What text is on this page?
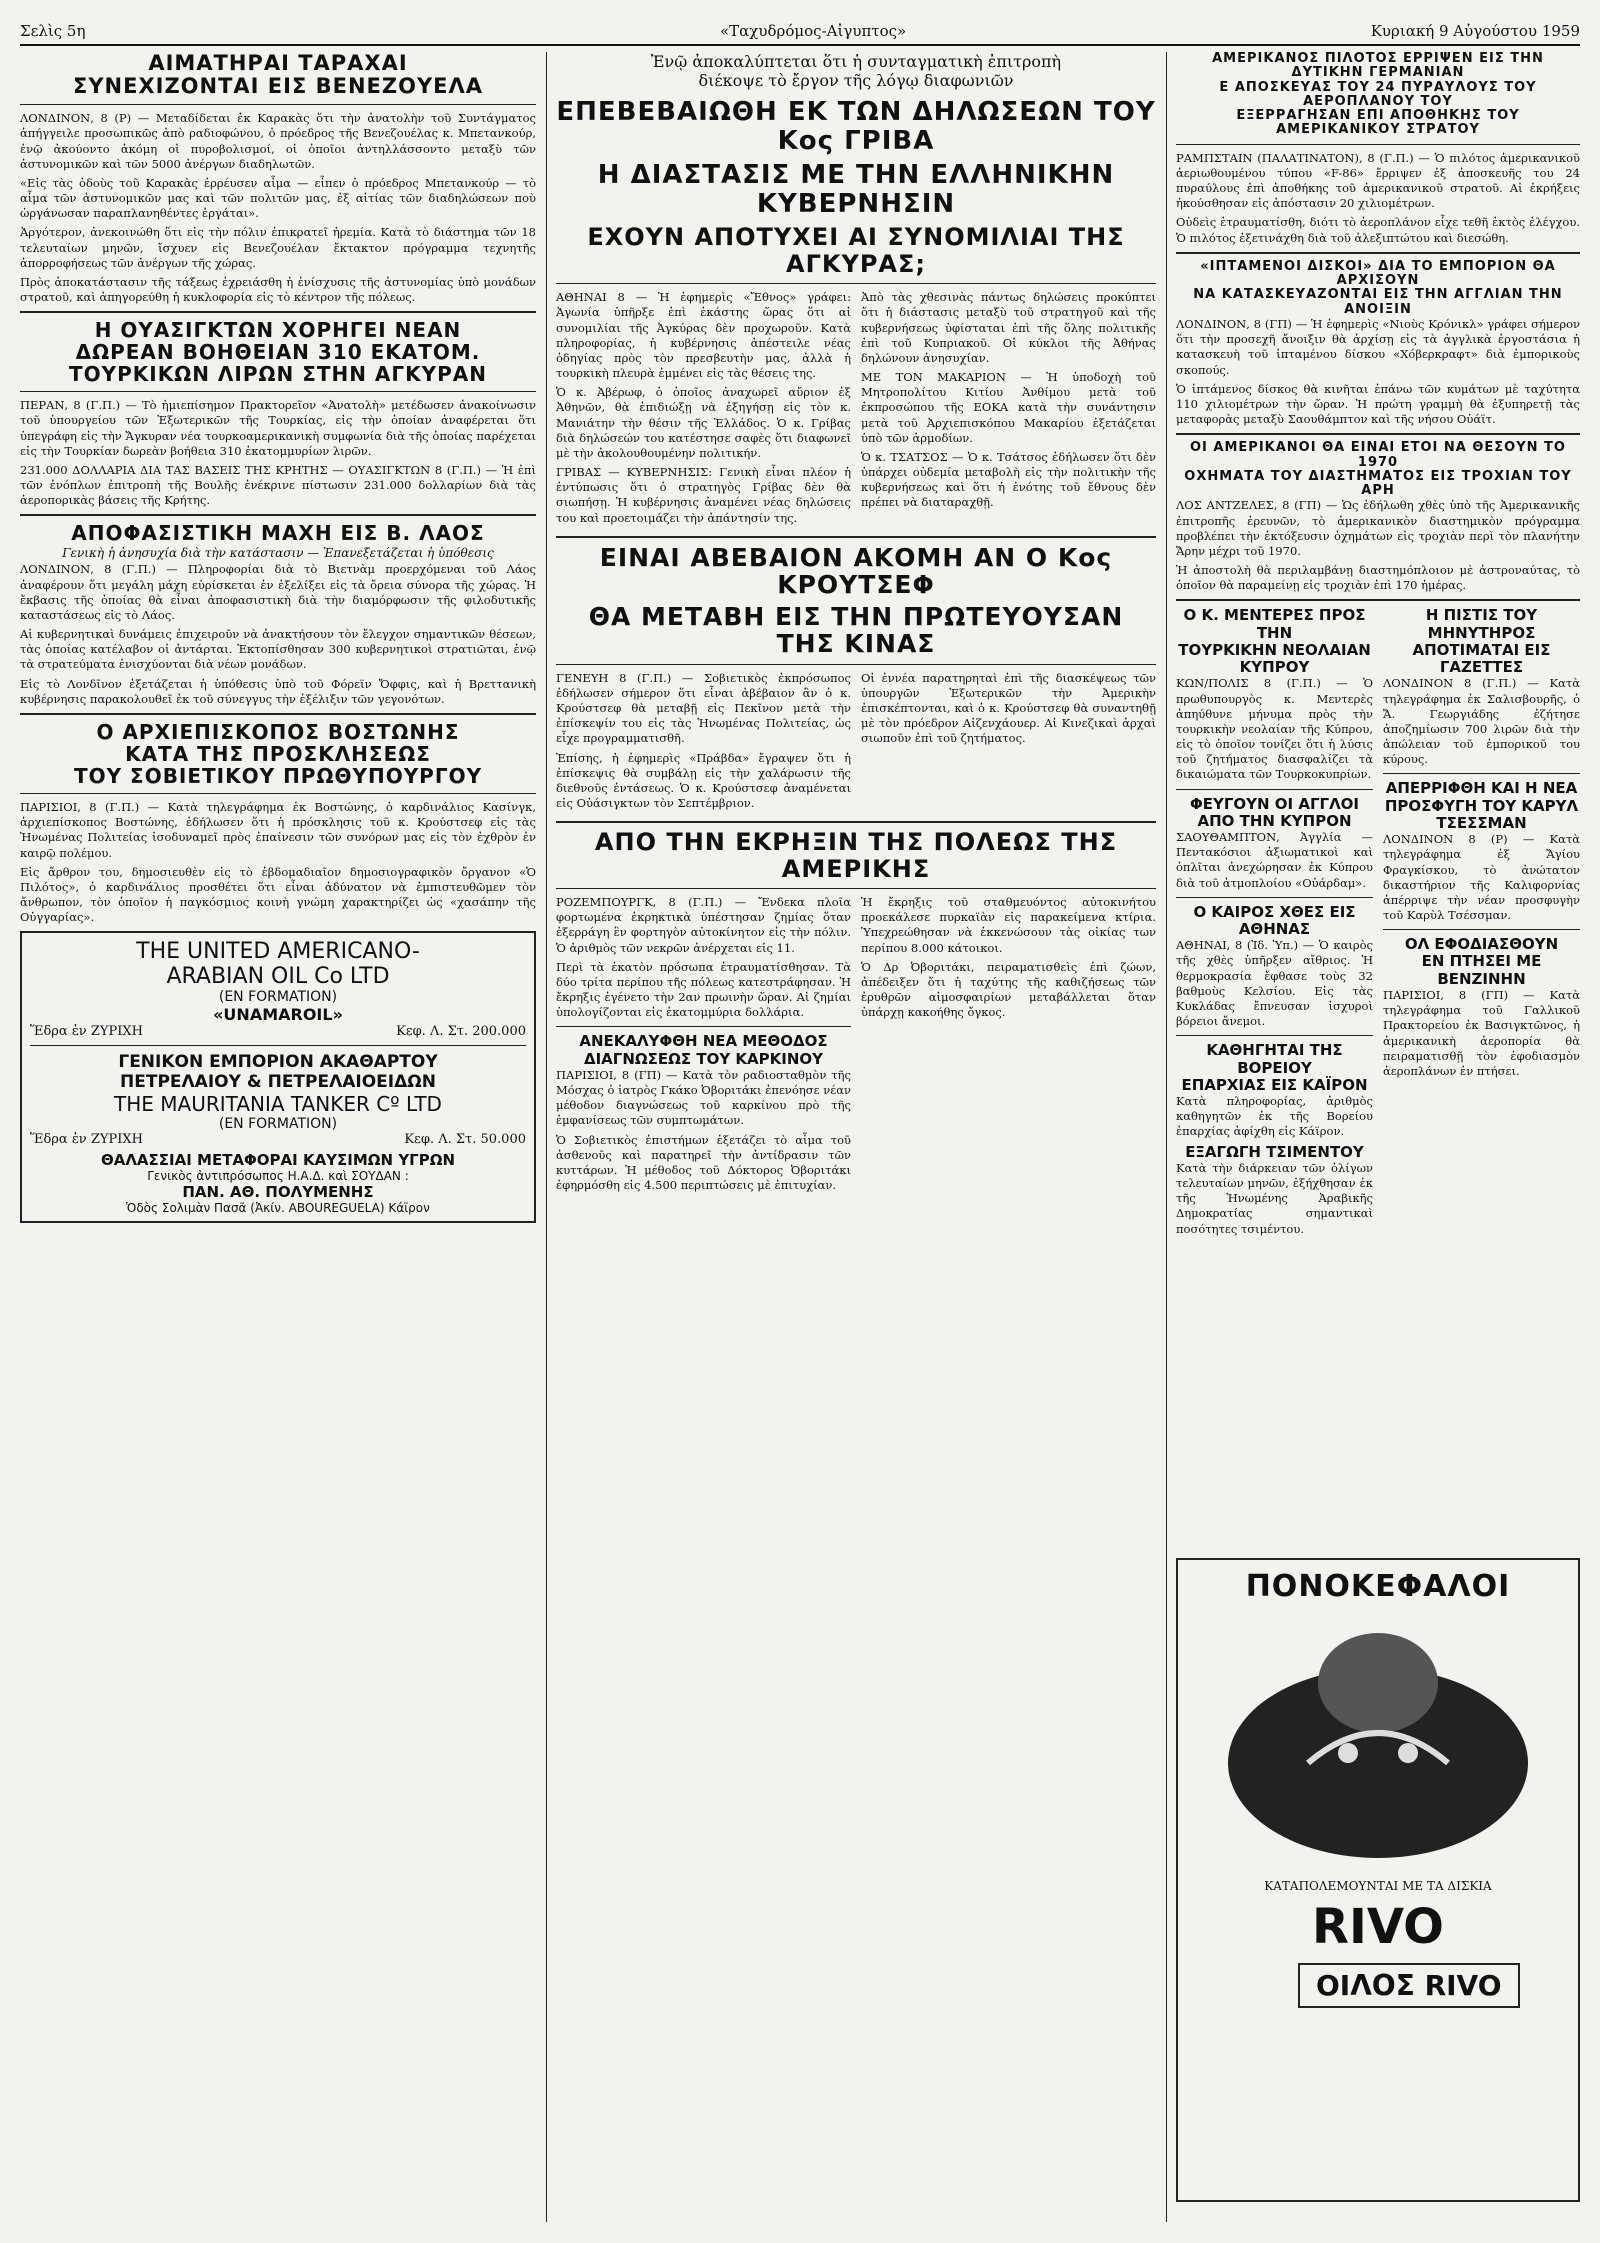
Σελὶς 5η	«Ταχυδρόμος-Αἰγυπτος»	Κυριακή 9 Αὐγούστου 1959
ΑΙΜΑΤΗΡΑΙ ΤΑΡΑΧΑΙ
ΣΥΝΕΧΙΖΟΝΤΑΙ ΕΙΣ ΒΕΝΕΖΟΥΕΛΑ

ΛΟΝΔΙΝΟΝ, 8 (Ρ) — Μεταδίδεται ἐκ Καρακὰς ὅτι τὴν ἀνατολὴν τοῦ Συντάγματος ἀπήγγειλε προσωπικῶς ἀπὸ ραδιοφώνου, ὁ πρόεδρος τῆς Βενεζουέλας κ. Μπετανκούρ, ἐνῷ ἀκούοντο ἀκόμη οἱ πυροβολισμοί, οἱ ὁποῖοι ἀντηλλάσσοντο μεταξὺ τῶν ἀστυνομικῶν καὶ τῶν 5000 ἀνέργων διαδηλωτῶν.

«Εἰς τὰς ὁδοὺς τοῦ Καρακὰς ἐρρέυσεν αἷμα — εἶπεν ὁ πρόεδρος Μπετανκούρ — τὸ αἷμα τῶν ἀστυνομικῶν μας καὶ τῶν πολιτῶν μας, ἐξ αἰτίας τῶν διαδηλώσεων ποὺ ὠργάνωσαν παραπλανηθέντες ἐργάται».

Ἀργότερον, ἀνεκοινώθη ὅτι εἰς τὴν πόλιν ἐπικρατεῖ ἠρεμία. Κατὰ τὸ διάστημα τῶν 18 τελευταίων μηνῶν, ἴσχυεν εἰς Βενεζουέλαν ἔκτακτον πρόγραμμα τεχνητῆς ἀπορροφήσεως τῶν ἀνέργων τῆς χώρας.

Πρὸς ἀποκατάστασιν τῆς τάξεως ἐχρειάσθη ἡ ἐνίσχυσις τῆς ἀστυνομίας ὑπὸ μονάδων στρατοῦ, καὶ ἀπηγορεύθη ἡ κυκλοφορία εἰς τὸ κέντρον τῆς πόλεως.

Η ΟΥΑΣΙΓΚΤΩΝ ΧΟΡΗΓΕΙ ΝΕΑΝ
ΔΩΡΕΑΝ ΒΟΗΘΕΙΑΝ 310 ΕΚΑΤΟΜ.
ΤΟΥΡΚΙΚΩΝ ΛΙΡΩΝ ΣΤΗΝ ΑΓΚΥΡΑΝ

ΠΕΡΑΝ, 8 (Γ.Π.) — Τὸ ἡμιεπίσημον Πρακτορεῖον «Ἀνατολὴ» μετέδωσεν ἀνακοίνωσιν τοῦ ὑπουργείου τῶν Ἐξωτερικῶν τῆς Τουρκίας, εἰς τὴν ὁποίαν ἀναφέρεται ὅτι ὑπεγράφη εἰς τὴν Ἄγκυραν νέα τουρκοαμερικανικὴ συμφωνία διὰ τῆς ὁποίας παρέχεται εἰς τὴν Τουρκίαν δωρεὰν βοήθεια 310 ἑκατομμυρίων λιρῶν.

231.000 ΔΟΛΛΑΡΙΑ ΔΙΑ ΤΑΣ ΒΑΣΕΙΣ ΤΗΣ ΚΡΗΤΗΣ — ΟΥΑΣΙΓΚΤΩΝ 8 (Γ.Π.) — Ἡ ἐπὶ τῶν ἐνόπλων ἐπιτροπὴ τῆς Βουλῆς ἐνέκρινε πίστωσιν 231.000 δολλαρίων διὰ τὰς ἀεροπορικὰς βάσεις τῆς Κρήτης.

ΑΠΟΦΑΣΙΣΤΙΚΗ ΜΑΧΗ ΕΙΣ Β. ΛΑΟΣ
Γενικὴ ἡ ἀνησυχία διὰ τὴν κατάστασιν — Ἐπανεξετάζεται ἡ ὑπόθεσις

ΛΟΝΔΙΝΟΝ, 8 (Γ.Π.) — Πληροφορίαι διὰ τὸ Βιετνὰμ προερχόμεναι τοῦ Λάος ἀναφέρουν ὅτι μεγάλη μάχη εὑρίσκεται ἐν ἐξελίξει εἰς τὰ ὄρεια σύνορα τῆς χώρας. Ἡ ἔκβασις τῆς ὁποίας θὰ εἶναι ἀποφασιστικὴ διὰ τὴν διαμόρφωσιν τῆς φιλοδυτικῆς καταστάσεως εἰς τὸ Λάος.

Αἱ κυβερνητικαὶ δυνάμεις ἐπιχειροῦν νὰ ἀνακτήσουν τὸν ἔλεγχον σημαντικῶν θέσεων, τὰς ὁποίας κατέλαβον οἱ ἀντάρται. Ἐκτοπίσθησαν 300 κυβερνητικοὶ στρατιῶται, ἐνῷ τὰ στρατεύματα ἐνισχύονται διὰ νέων μονάδων.

Εἰς τὸ Λονδῖνον ἐξετάζεται ἡ ὑπόθεσις ὑπὸ τοῦ Φόρεϊν Ὄφφις, καὶ ἡ Βρεττανικὴ κυβέρνησις παρακολουθεῖ ἐκ τοῦ σύνεγγυς τὴν ἐξέλιξιν τῶν γεγονότων.

Ο ΑΡΧΙΕΠΙΣΚΟΠΟΣ ΒΟΣΤΩΝΗΣ
ΚΑΤΑ ΤΗΣ ΠΡΟΣΚΛΗΣΕΩΣ
ΤΟΥ ΣΟΒΙΕΤΙΚΟΥ ΠΡΩΘΥΠΟΥΡΓΟΥ

ΠΑΡΙΣΙΟΙ, 8 (Γ.Π.) — Κατὰ τηλεγράφημα ἐκ Βοστώνης, ὁ καρδινάλιος Κασίνγκ, ἀρχιεπίσκοπος Βοστώνης, ἐδήλωσεν ὅτι ἡ πρόσκλησις τοῦ κ. Κρούστσεφ εἰς τὰς Ἡνωμένας Πολιτείας ἰσοδυναμεῖ πρὸς ἐπαίνεσιν τῶν συνόρων μας εἰς τὸν ἐχθρὸν ἐν καιρῷ πολέμου.

Εἰς ἄρθρον του, δημοσιευθὲν εἰς τὸ ἑβδομαδιαῖον δημοσιογραφικὸν ὄργανον «Ὁ Πιλότος», ὁ καρδινάλιος προσθέτει ὅτι εἶναι ἀδύνατον νὰ ἐμπιστευθῶμεν τὸν ἄνθρωπον, τὸν ὁποῖον ἡ παγκόσμιος κοινὴ γνώμη χαρακτηρίζει ὡς «χασάπην τῆς Οὑγγαρίας».

THE UNITED AMERICANO-
ARABIAN OIL Co LTD
(EN FORMATION)
«UNAMAROIL»
Ἕδρα ἐν ΖΥΡΙΧΗ	Κεφ. Λ. Στ. 200.000
ΓΕΝΙΚΟΝ ΕΜΠΟΡΙΟΝ ΑΚΑΘΑΡΤΟΥ
ΠΕΤΡΕΛΑΙΟΥ & ΠΕΤΡΕΛΑΙΟΕΙΔΩΝ
THE MAURITANIA TANKER Cº LTD
(EN FORMATION)
Ἕδρα ἐν ΖΥΡΙΧΗ	Κεφ. Λ. Στ. 50.000
ΘΑΛΑΣΣΙΑΙ ΜΕΤΑΦΟΡΑΙ ΚΑΥΣΙΜΩΝ ΥΓΡΩΝ
Γενικὸς ἀντιπρόσωπος Η.Α.Δ. καὶ ΣΟΥΔΑΝ :
ΠΑΝ. ΑΘ. ΠΟΛΥΜΕΝΗΣ
Ὁδὸς Σολιμὰν Πασᾶ (Ἀκίν. ABOUREGUELA) Κάϊρον
Ἐνῷ ἀποκαλύπτεται ὅτι ἡ συνταγματικὴ ἐπιτροπὴ
διέκοψε τὸ ἔργον τῆς λόγῳ διαφωνιῶν
ΕΠΕΒΕΒΑΙΩΘΗ ΕΚ ΤΩΝ ΔΗΛΩΣΕΩΝ ΤΟΥ Κος ΓΡΙΒΑ
Η ΔΙΑΣΤΑΣΙΣ ΜΕ ΤΗΝ ΕΛΛΗΝΙΚΗΝ ΚΥΒΕΡΝΗΣΙΝ
ΕΧΟΥΝ ΑΠΟΤΥΧΕΙ ΑΙ ΣΥΝΟΜΙΛΙΑΙ ΤΗΣ ΑΓΚΥΡΑΣ;

ΑΘΗΝΑΙ 8 — Ἡ ἐφημερὶς «Ἔθνος» γράφει: Ἀγωνία ὑπῆρξε ἐπὶ ἑκάστης ὥρας ὅτι αἱ συνομιλίαι τῆς Ἀγκύρας δὲν προχωροῦν. Κατὰ πληροφορίας, ἡ κυβέρνησις ἀπέστειλε νέας ὁδηγίας πρὸς τὸν πρεσβευτὴν μας, ἀλλὰ ἡ τουρκικὴ πλευρὰ ἐμμένει εἰς τὰς θέσεις της.

Ὁ κ. Ἀβέρωφ, ὁ ὁποῖος ἀναχωρεῖ αὔριον ἐξ Ἀθηνῶν, θὰ ἐπιδιώξῃ νὰ ἐξηγήσῃ εἰς τὸν κ. Μανιάτην τὴν θέσιν τῆς Ἑλλάδος. Ὁ κ. Γρίβας διὰ δηλώσεών του κατέστησε σαφὲς ὅτι διαφωνεῖ μὲ τὴν ἀκολουθουμένην πολιτικήν.

ΓΡΙΒΑΣ — ΚΥΒΕΡΝΗΣΙΣ: Γενικὴ εἶναι πλέον ἡ ἐντύπωσις ὅτι ὁ στρατηγὸς Γρίβας δὲν θὰ σιωπήσῃ. Ἡ κυβέρνησις ἀναμένει νέας δηλώσεις του καὶ προετοιμάζει τὴν ἀπάντησίν της.

Ἀπὸ τὰς χθεσινὰς πάντως δηλώσεις προκύπτει ὅτι ἡ διάστασις μεταξὺ τοῦ στρατηγοῦ καὶ τῆς κυβερνήσεως ὑφίσταται ἐπὶ τῆς ὅλης πολιτικῆς ἐπὶ τοῦ Κυπριακοῦ. Οἱ κύκλοι τῆς Ἀθήνας δηλώνουν ἀνησυχίαν.

ΜΕ ΤΟΝ ΜΑΚΑΡΙΟΝ — Ἡ ὑποδοχὴ τοῦ Μητροπολίτου Κιτίου Ἀνθίμου μετὰ τοῦ ἐκπροσώπου τῆς ΕΟΚΑ κατὰ τὴν συνάντησιν μετὰ τοῦ Ἀρχιεπισκόπου Μακαρίου ἐξετάζεται ὑπὸ τῶν ἁρμοδίων.

Ὁ κ. ΤΣΑΤΣΟΣ — Ὁ κ. Τσάτσος ἐδήλωσεν ὅτι δὲν ὑπάρχει οὐδεμία μεταβολὴ εἰς τὴν πολιτικὴν τῆς κυβερνήσεως καὶ ὅτι ἡ ἐνότης τοῦ ἔθνους δὲν πρέπει νὰ διαταραχθῇ.

ΕΙΝΑΙ ΑΒΕΒΑΙΟΝ ΑΚΟΜΗ ΑΝ Ο Κος ΚΡΟΥΤΣΕΦ
ΘΑ ΜΕΤΑΒΗ ΕΙΣ ΤΗΝ ΠΡΩΤΕΥΟΥΣΑΝ ΤΗΣ ΚΙΝΑΣ

ΓΕΝΕΥΗ 8 (Γ.Π.) — Σοβιετικὸς ἐκπρόσωπος ἐδήλωσεν σήμερον ὅτι εἶναι ἀβέβαιον ἂν ὁ κ. Κρούστσεφ θὰ μεταβῇ εἰς Πεκῖνον μετὰ τὴν ἐπίσκεψίν του εἰς τὰς Ἡνωμένας Πολιτείας, ὡς εἶχε προγραμματισθῆ.

Ἐπίσης, ἡ ἐφημερὶς «Πράβδα» ἔγραψεν ὅτι ἡ ἐπίσκεψις θὰ συμβάλῃ εἰς τὴν χαλάρωσιν τῆς διεθνοῦς ἐντάσεως. Ὁ κ. Κρούστσεφ ἀναμένεται εἰς Οὐάσιγκτων τὸν Σεπτέμβριον.

Οἱ ἐννέα παρατηρηταὶ ἐπὶ τῆς διασκέψεως τῶν ὑπουργῶν Ἐξωτερικῶν τὴν Ἀμερικὴν ἐπισκέπτονται, καὶ ὁ κ. Κρούστσεφ θὰ συναντηθῇ μὲ τὸν πρόεδρον Αἰζενχάουερ. Αἱ Κινεζικαὶ ἀρχαὶ σιωποῦν ἐπὶ τοῦ ζητήματος.

ΑΠΟ ΤΗΝ ΕΚΡΗΞΙΝ ΤΗΣ ΠΟΛΕΩΣ ΤΗΣ ΑΜΕΡΙΚΗΣ

ΡΟΖΕΜΠΟΥΡΓΚ, 8 (Γ.Π.) — Ἔνδεκα πλοῖα φορτωμένα ἐκρηκτικὰ ὑπέστησαν ζημίας ὅταν ἐξερράγη ἓν φορτηγὸν αὐτοκίνητον εἰς τὴν πόλιν. Ὁ ἀριθμὸς τῶν νεκρῶν ἀνέρχεται εἰς 11.

Περὶ τὰ ἑκατὸν πρόσωπα ἐτραυματίσθησαν. Τὰ δύο τρίτα περίπου τῆς πόλεως κατεστράφησαν. Ἡ ἔκρηξις ἐγένετο τὴν 2αν πρωινὴν ὥραν. Αἱ ζημίαι ὑπολογίζονται εἰς ἑκατομμύρια δολλάρια.

ΑΝΕΚΑΛΥΦΘΗ ΝΕΑ ΜΕΘΟΔΟΣ
ΔΙΑΓΝΩΣΕΩΣ ΤΟΥ ΚΑΡΚΙΝΟΥ

ΠΑΡΙΣΙΟΙ, 8 (ΓΠ) — Κατὰ τὸν ραδιοσταθμὸν τῆς Μόσχας ὁ ἰατρὸς Γκάκο Ὀβοριτάκι ἐπενόησε νέαν μέθοδον διαγνώσεως τοῦ καρκίνου πρὸ τῆς ἐμφανίσεως τῶν συμπτωμάτων.

Ὁ Σοβιετικὸς ἐπιστήμων ἐξετάζει τὸ αἷμα τοῦ ἀσθενοῦς καὶ παρατηρεῖ τὴν ἀντίδρασιν τῶν κυττάρων. Ἡ μέθοδος τοῦ Δόκτορος Ὀβοριτάκι ἐφηρμόσθη εἰς 4.500 περιπτώσεις μὲ ἐπιτυχίαν.

Ἡ ἔκρηξις τοῦ σταθμευόντος αὐτοκινήτου προεκάλεσε πυρκαϊὰν εἰς παρακείμενα κτίρια. Ὑπεχρεώθησαν νὰ ἐκκενώσουν τὰς οἰκίας των περίπου 8.000 κάτοικοι.

Ὁ Δρ Ὀβοριτάκι, πειραματισθεὶς ἐπὶ ζώων, ἀπέδειξεν ὅτι ἡ ταχύτης τῆς καθιζήσεως τῶν ἐρυθρῶν αἱμοσφαιρίων μεταβάλλεται ὅταν ὑπάρχῃ κακοήθης ὄγκος.

ΑΜΕΡΙΚΑΝΟΣ ΠΙΛΟΤΟΣ ΕΡΡΙΨΕΝ ΕΙΣ ΤΗΝ ΔΥΤΙΚΗΝ ΓΕΡΜΑΝΙΑΝ
Ε ΑΠΟΣΚΕΥΑΣ ΤΟΥ 24 ΠΥΡΑΥΛΟΥΣ ΤΟΥ ΑΕΡΟΠΛΑΝΟΥ ΤΟΥ
ΕΞΕΡΡΑΓΗΣΑΝ ΕΠΙ ΑΠΟΘΗΚΗΣ ΤΟΥ ΑΜΕΡΙΚΑΝΙΚΟΥ ΣΤΡΑΤΟΥ

ΡΑΜΠΣΤΑΙΝ (ΠΑΛΑΤΙΝΑΤΟΝ), 8 (Γ.Π.) — Ὁ πιλότος ἀμερικανικοῦ ἀεριωθουμένου τύπου «F-86» ἔρριψεν ἐξ ἀποσκευῆς του 24 πυραύλους ἐπὶ ἀποθήκης τοῦ ἀμερικανικοῦ στρατοῦ. Αἱ ἐκρήξεις ἠκούσθησαν εἰς ἀπόστασιν 20 χιλιομέτρων.

Οὐδεὶς ἐτραυματίσθη, διότι τὸ ἀεροπλάνον εἶχε τεθῆ ἐκτὸς ἐλέγχου. Ὁ πιλότος ἐξετινάχθη διὰ τοῦ ἀλεξιπτώτου καὶ διεσώθη.

«ΙΠΤΑΜΕΝΟΙ ΔΙΣΚΟΙ» ΔΙΑ ΤΟ ΕΜΠΟΡΙΟΝ ΘΑ ΑΡΧΙΣΟΥΝ
ΝΑ ΚΑΤΑΣΚΕΥΑΖΟΝΤΑΙ ΕΙΣ ΤΗΝ ΑΓΓΛΙΑΝ ΤΗΝ ΑΝΟΙΞΙΝ

ΛΟΝΔΙΝΟΝ, 8 (ΓΠ) — Ἡ ἐφημερὶς «Νιοὺς Κρόνικλ» γράφει σήμερον ὅτι τὴν προσεχῆ ἄνοιξιν θὰ ἀρχίσῃ εἰς τὰ ἀγγλικὰ ἐργοστάσια ἡ κατασκευὴ τοῦ ἱπταμένου δίσκου «Χόβερκραφτ» διὰ ἐμπορικοὺς σκοπούς.

Ὁ ἱπτάμενος δίσκος θὰ κινῆται ἐπάνω τῶν κυμάτων μὲ ταχύτητα 110 χιλιομέτρων τὴν ὥραν. Ἡ πρώτη γραμμὴ θὰ ἐξυπηρετῇ τὰς μεταφορὰς μεταξὺ Σαουθάμπτον καὶ τῆς νήσου Οὐάϊτ.

ΟΙ ΑΜΕΡΙΚΑΝΟΙ ΘΑ ΕΙΝΑΙ ΕΤΟΙ ΝΑ ΘΕΣΟΥΝ ΤΟ 1970
ΟΧΗΜΑΤΑ ΤΟΥ ΔΙΑΣΤΗΜΑΤΟΣ ΕΙΣ ΤΡΟΧΙΑΝ ΤΟΥ ΑΡΗ

ΛΟΣ ΑΝΤΖΕΛΕΣ, 8 (ΓΠ) — Ὡς ἐδήλωθη χθὲς ὑπὸ τῆς Ἀμερικανικῆς ἐπιτροπῆς ἐρευνῶν, τὸ ἀμερικανικὸν διαστημικὸν πρόγραμμα προβλέπει τὴν ἐκτόξευσιν ὀχημάτων εἰς τροχιὰν περὶ τὸν πλανήτην Ἄρην μέχρι τοῦ 1970.

Ἡ ἀποστολὴ θὰ περιλαμβάνῃ διαστημόπλοιον μὲ ἀστροναύτας, τὸ ὁποῖον θὰ παραμείνῃ εἰς τροχιὰν ἐπὶ 170 ἡμέρας.

Ο Κ. ΜΕΝΤΕΡΕΣ ΠΡΟΣ ΤΗΝ
ΤΟΥΡΚΙΚΗΝ ΝΕΟΛΑΙΑΝ ΚΥΠΡΟΥ

ΚΩΝ/ΠΟΛΙΣ 8 (Γ.Π.) — Ὁ πρωθυπουργὸς κ. Μεντερὲς ἀπηύθυνε μήνυμα πρὸς τὴν τουρκικὴν νεολαίαν τῆς Κύπρου, εἰς τὸ ὁποῖον τονίζει ὅτι ἡ λύσις τοῦ ζητήματος διασφαλίζει τὰ δικαιώματα τῶν Τουρκοκυπρίων.

ΦΕΥΓΟΥΝ ΟΙ ΑΓΓΛΟΙ
ΑΠΟ ΤΗΝ ΚΥΠΡΟΝ

ΣΑΟΥΘΑΜΠΤΟΝ, Ἀγγλία — Πεντακόσιοι ἀξιωματικοὶ καὶ ὁπλῖται ἀνεχώρησαν ἐκ Κύπρου διὰ τοῦ ἀτμοπλοίου «Οὐάρδαμ».

Ο ΚΑΙΡΟΣ ΧΘΕΣ ΕΙΣ ΑΘΗΝΑΣ

ΑΘΗΝΑΙ, 8 (Ἰδ. Ὑπ.) — Ὁ καιρὸς τῆς χθὲς ὑπῆρξεν αἴθριος. Ἡ θερμοκρασία ἔφθασε τοὺς 32 βαθμοὺς Κελσίου. Εἰς τὰς Κυκλάδας ἔπνευσαν ἰσχυροὶ βόρειοι ἄνεμοι.

ΚΑΘΗΓΗΤΑΙ ΤΗΣ ΒΟΡΕΙΟΥ
ΕΠΑΡΧΙΑΣ ΕΙΣ ΚΑΪΡΟΝ

Κατὰ πληροφορίας, ἀριθμὸς καθηγητῶν ἐκ τῆς Βορείου ἐπαρχίας ἀφίχθη εἰς Κάϊρον.

ΕΞΑΓΩΓΗ ΤΣΙΜΕΝΤΟΥ

Κατὰ τὴν διάρκειαν τῶν ὀλίγων τελευταίων μηνῶν, ἐξήχθησαν ἐκ τῆς Ἡνωμένης Ἀραβικῆς Δημοκρατίας σημαντικαὶ ποσότητες τσιμέντου.

Η ΠΙΣΤΙΣ ΤΟΥ ΜΗΝΥΤΗΡΟΣ
ΑΠΟΤΙΜΑΤΑΙ ΕΙΣ ΓΑΖΕΤΤΕΣ

ΛΟΝΔΙΝΟΝ 8 (Γ.Π.) — Κατὰ τηλεγράφημα ἐκ Σαλισβουρῆς, ὁ Ἄ. Γεωργιάδης ἐζήτησε ἀποζημίωσιν 700 λιρῶν διὰ τὴν ἀπώλειαν τοῦ ἐμπορικοῦ του κύρους.

ΑΠΕΡΡΙΦΘΗ ΚΑΙ Η ΝΕΑ
ΠΡΟΣΦΥΓΗ ΤΟΥ ΚΑΡΥΛ ΤΣΕΣΣΜΑΝ

ΛΟΝΔΙΝΟΝ 8 (Ρ) — Κατὰ τηλεγράφημα ἐξ Ἄγίου Φραγκίσκου, τὸ ἀνώτατον δικαστήριον τῆς Καλιφορνίας ἀπέρριψε τὴν νέαν προσφυγὴν τοῦ Καρὺλ Τσέσσμαν.

ΟΛ ΕΦΟΔΙΑΣΘΟΥΝ
ΕΝ ΠΤΗΣΕΙ ΜΕ ΒΕΝΖΙΝΗΝ

ΠΑΡΙΣΙΟΙ, 8 (ΓΠ) — Κατὰ τηλεγράφημα τοῦ Γαλλικοῦ Πρακτορείου ἐκ Βασιγκτῶνος, ἡ ἀμερικανικὴ ἀεροπορία θὰ πειραματισθῇ τὸν ἐφοδιασμὸν ἀεροπλάνων ἐν πτήσει.

ΠΟΝΟΚΕΦΑΛΟΙ
ΚΑΤΑΠΟΛΕΜΟΥΝΤΑΙ ΜΕ ΤΑ ΔΙΣΚΙΑ
RIVO
OIΛΟΣ RIVO
